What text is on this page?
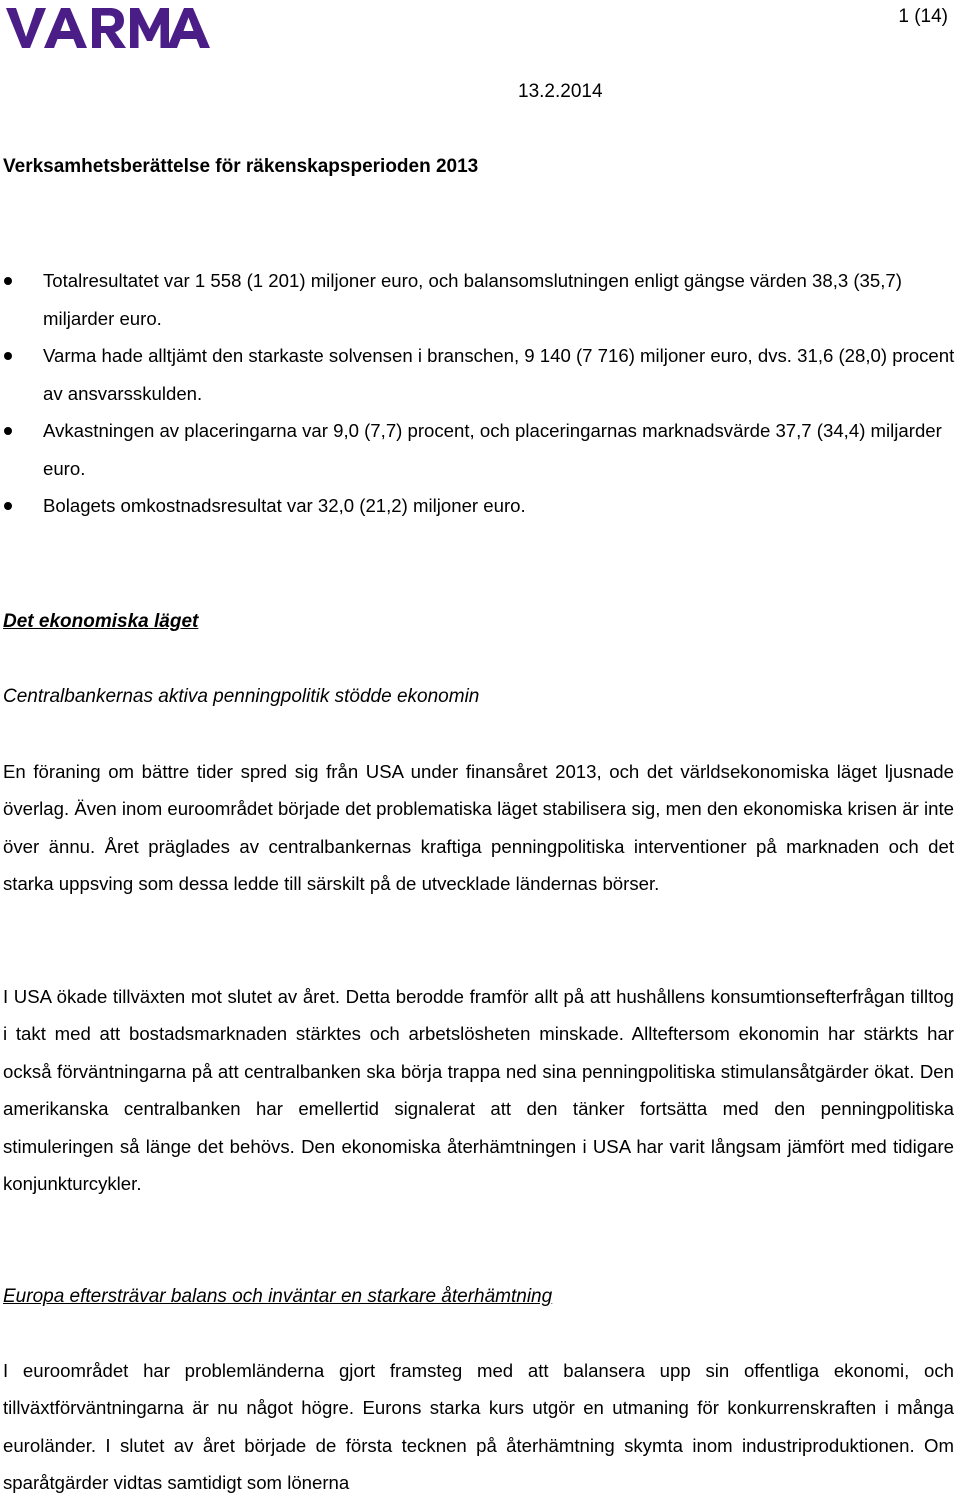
1 (14)
13.2.2014
Verksamhetsberättelse för räkenskapsperioden 2013
Totalresultatet var 1 558 (1 201) miljoner euro, och balansomslutningen enligt gängse värden 38,3 (35,7) miljarder euro.
Varma hade alltjämt den starkaste solvensen i branschen, 9 140 (7 716) miljoner euro, dvs. 31,6 (28,0) procent av ansvarsskulden.
Avkastningen av placeringarna var 9,0 (7,7) procent, och placeringarnas marknadsvärde 37,7 (34,4) miljarder euro.
Bolagets omkostnadsresultat var 32,0 (21,2) miljoner euro.
Det ekonomiska läget
Centralbankernas aktiva penningpolitik stödde ekonomin

En föraning om bättre tider spred sig från USA under finansåret 2013, och det världsekonomiska läget ljusnade överlag. Även inom euroområdet började det problematiska läget stabilisera sig, men den ekonomiska krisen är inte över ännu. Året präglades av centralbankernas kraftiga penningpolitiska interventioner på marknaden och det starka uppsving som dessa ledde till särskilt på de utvecklade ländernas börser.

I USA ökade tillväxten mot slutet av året. Detta berodde framför allt på att hushållens konsumtionsefterfrågan tilltog i takt med att bostadsmarknaden stärktes och arbetslösheten minskade. Allteftersom ekonomin har stärkts har också förväntningarna på att centralbanken ska börja trappa ned sina penningpolitiska stimulansåtgärder ökat. Den amerikanska centralbanken har emellertid signalerat att den tänker fortsätta med den penningpolitiska stimuleringen så länge det behövs. Den ekonomiska återhämtningen i USA har varit långsam jämfört med tidigare konjunkturcykler.

Europa eftersträvar balans och inväntar en starkare återhämtning

I euroområdet har problemländerna gjort framsteg med att balansera upp sin offentliga ekonomi, och tillväxtförväntningarna är nu något högre. Eurons starka kurs utgör en utmaning för konkurrenskraften i många euroländer. I slutet av året började de första tecknen på återhämtning skymta inom industriproduktionen. Om sparåtgärder vidtas samtidigt som lönerna
